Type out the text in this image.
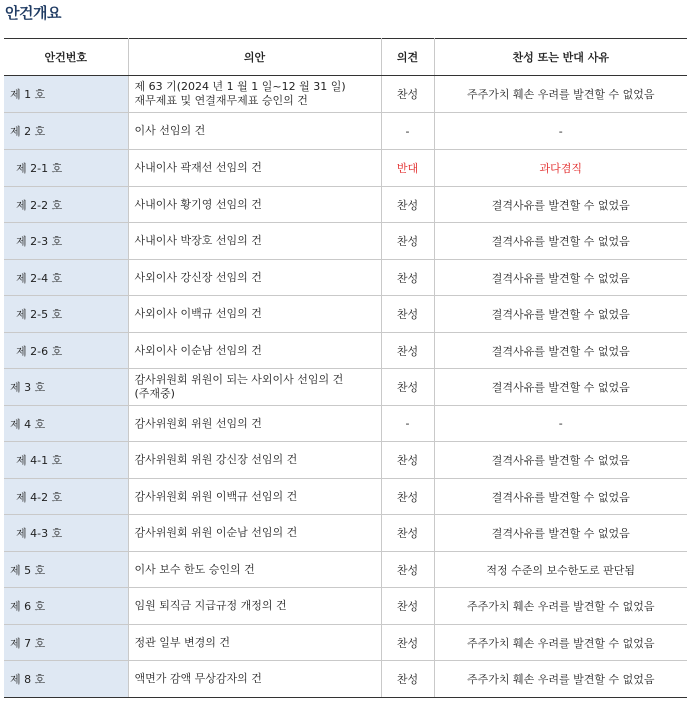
안건개요
안건번호	의안	의견	찬성 또는 반대 사유
제 1 호	제 63 기(2024 년 1 월 1 일~12 월 31 일)
재무제표 및 연결재무제표 승인의 건	찬성	주주가치 훼손 우려를 발견할 수 없었음
제 2 호	이사 선임의 건	-	-
제 2-1 호	사내이사 곽재선 선임의 건	반대	과다겸직
제 2-2 호	사내이사 황기영 선임의 건	찬성	결격사유를 발견할 수 없었음
제 2-3 호	사내이사 박장호 선임의 건	찬성	결격사유를 발견할 수 없었음
제 2-4 호	사외이사 강신장 선임의 건	찬성	결격사유를 발견할 수 없었음
제 2-5 호	사외이사 이백규 선임의 건	찬성	결격사유를 발견할 수 없었음
제 2-6 호	사외이사 이순남 선임의 건	찬성	결격사유를 발견할 수 없었음
제 3 호	감사위원회 위원이 되는 사외이사 선임의 건
(주재중)	찬성	결격사유를 발견할 수 없었음
제 4 호	감사위원회 위원 선임의 건	-	-
제 4-1 호	감사위원회 위원 강신장 선임의 건	찬성	결격사유를 발견할 수 없었음
제 4-2 호	감사위원회 위원 이백규 선임의 건	찬성	결격사유를 발견할 수 없었음
제 4-3 호	감사위원회 위원 이순남 선임의 건	찬성	결격사유를 발견할 수 없었음
제 5 호	이사 보수 한도 승인의 건	찬성	적정 수준의 보수한도로 판단됨
제 6 호	임원 퇴직금 지급규정 개정의 건	찬성	주주가치 훼손 우려를 발견할 수 없었음
제 7 호	정관 일부 변경의 건	찬성	주주가치 훼손 우려를 발견할 수 없었음
제 8 호	액면가 감액 무상감자의 건	찬성	주주가치 훼손 우려를 발견할 수 없었음
